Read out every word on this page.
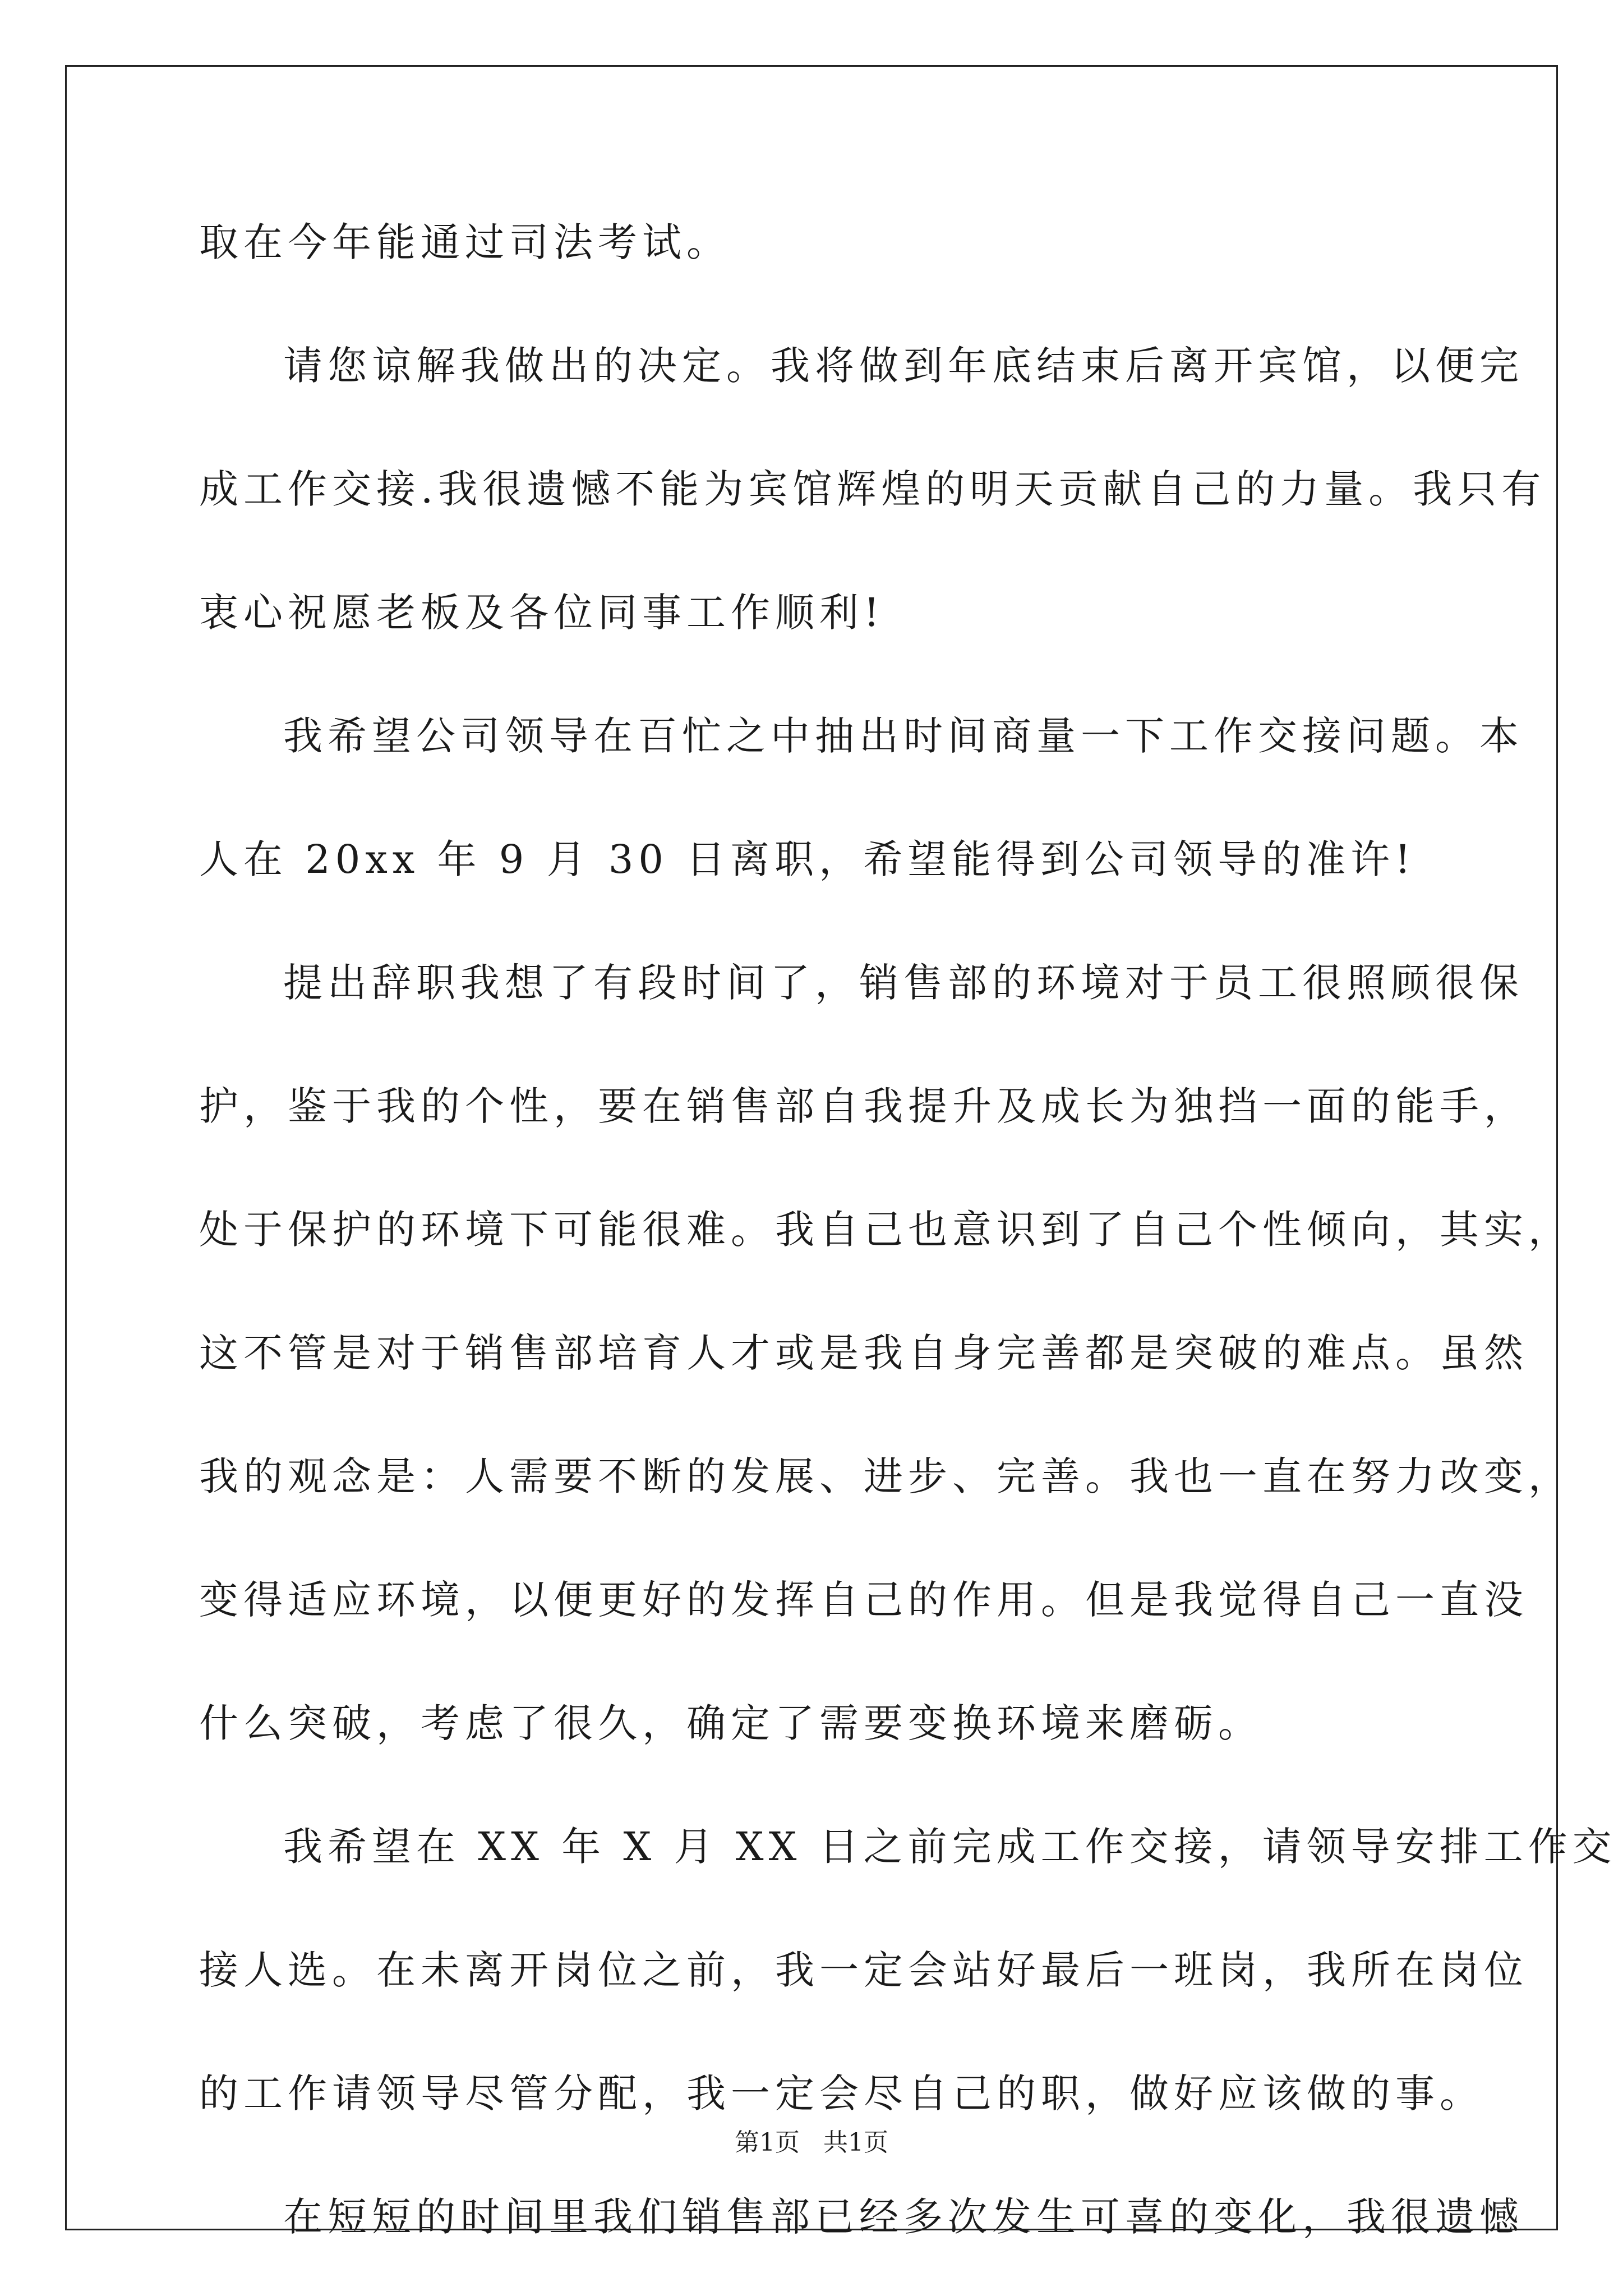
取在今年能通过司法考试。
请您谅解我做出的决定。我将做到年底结束后离开宾馆，以便完
成工作交接.我很遗憾不能为宾馆辉煌的明天贡献自己的力量。我只有
衷心祝愿老板及各位同事工作顺利!
我希望公司领导在百忙之中抽出时间商量一下工作交接问题。本
人在 20xx 年 9 月 30 日离职，希望能得到公司领导的准许!
提出辞职我想了有段时间了，销售部的环境对于员工很照顾很保
护，鉴于我的个性，要在销售部自我提升及成长为独挡一面的能手，
处于保护的环境下可能很难。我自己也意识到了自己个性倾向，其实，
这不管是对于销售部培育人才或是我自身完善都是突破的难点。虽然
我的观念是：人需要不断的发展、进步、完善。我也一直在努力改变，
变得适应环境，以便更好的发挥自己的作用。但是我觉得自己一直没
什么突破，考虑了很久，确定了需要变换环境来磨砺。
我希望在 XX 年 X 月 XX 日之前完成工作交接，请领导安排工作交
接人选。在未离开岗位之前，我一定会站好最后一班岗，我所在岗位
的工作请领导尽管分配，我一定会尽自己的职，做好应该做的事。
在短短的时间里我们销售部已经多次发生可喜的变化，我很遗憾
第1页   共1页
